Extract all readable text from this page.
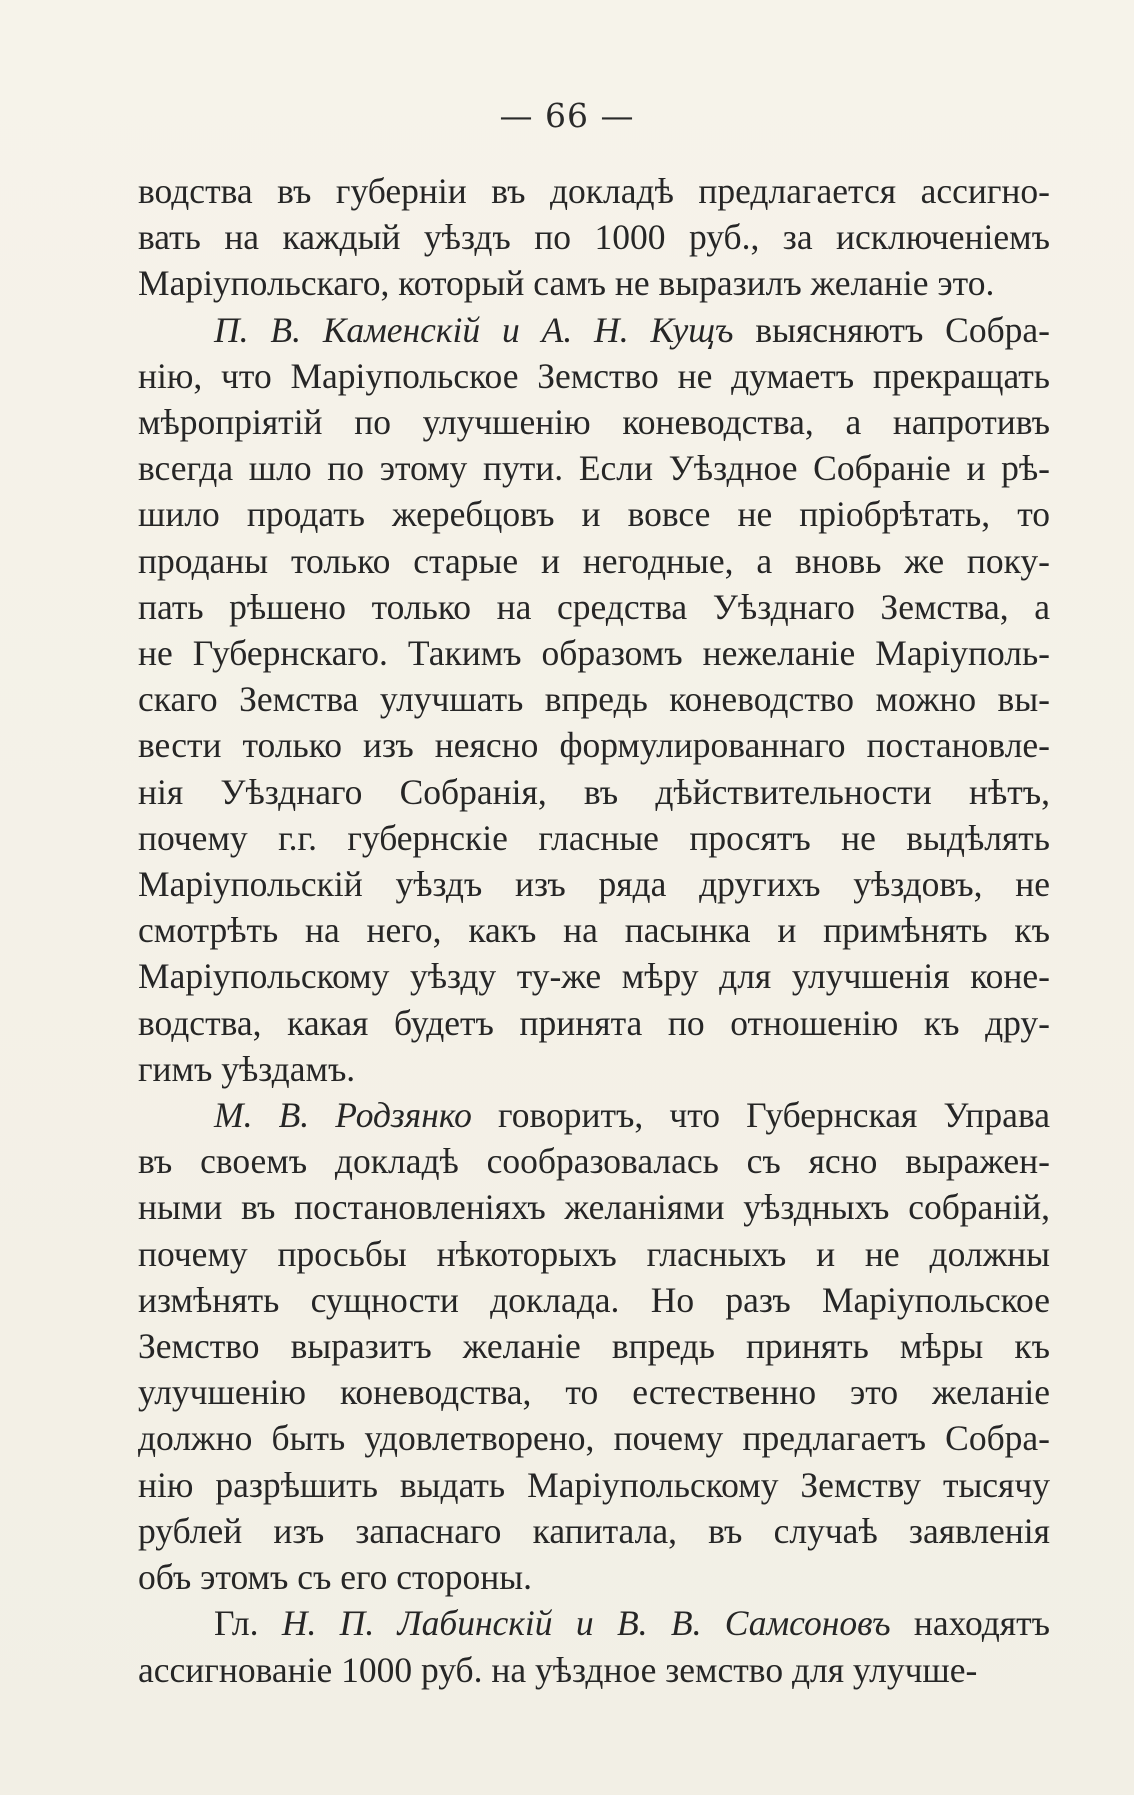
— 66 —
водства въ губерніи въ докладѣ предлагается ассигно-
вать на каждый уѣздъ по 1000 руб., за исключеніемъ
Маріупольскаго, который самъ не выразилъ желаніе это.
П. В. Каменскій и А. Н. Кущъ выясняютъ Собра-
нію, что Маріупольское Земство не думаетъ прекращать
мѣропріятій по улучшенію коневодства, а напротивъ
всегда шло по этому пути. Если Уѣздное Собраніе и рѣ-
шило продать жеребцовъ и вовсе не пріобрѣтать, то
проданы только старые и негодные, а вновь же поку-
пать рѣшено только на средства Уѣзднаго Земства, а
не Губернскаго. Такимъ образомъ нежеланіе Маріуполь-
скаго Земства улучшать впредь коневодство можно вы-
вести только изъ неясно формулированнаго постановле-
нія Уѣзднаго Собранія, въ дѣйствительности нѣтъ,
почему г.г. губернскіе гласные просятъ не выдѣлять
Маріупольскій уѣздъ изъ ряда другихъ уѣздовъ, не
смотрѣть на него, какъ на пасынка и примѣнять къ
Маріупольскому уѣзду ту-же мѣру для улучшенія коне-
водства, какая будетъ принята по отношенію къ дру-
гимъ уѣздамъ.
М. В. Родзянко говоритъ, что Губернская Управа
въ своемъ докладѣ сообразовалась съ ясно выражен-
ными въ постановленіяхъ желаніями уѣздныхъ собраній,
почему просьбы нѣкоторыхъ гласныхъ и не должны
измѣнять сущности доклада. Но разъ Маріупольское
Земство выразитъ желаніе впредь принять мѣры къ
улучшенію коневодства, то естественно это желаніе
должно быть удовлетворено, почему предлагаетъ Собра-
нію разрѣшить выдать Маріупольскому Земству тысячу
рублей изъ запаснаго капитала, въ случаѣ заявленія
объ этомъ съ его стороны.
Гл. Н. П. Лабинскій и В. В. Самсоновъ находятъ
ассигнованіе 1000 руб. на уѣздное земство для улучше-
